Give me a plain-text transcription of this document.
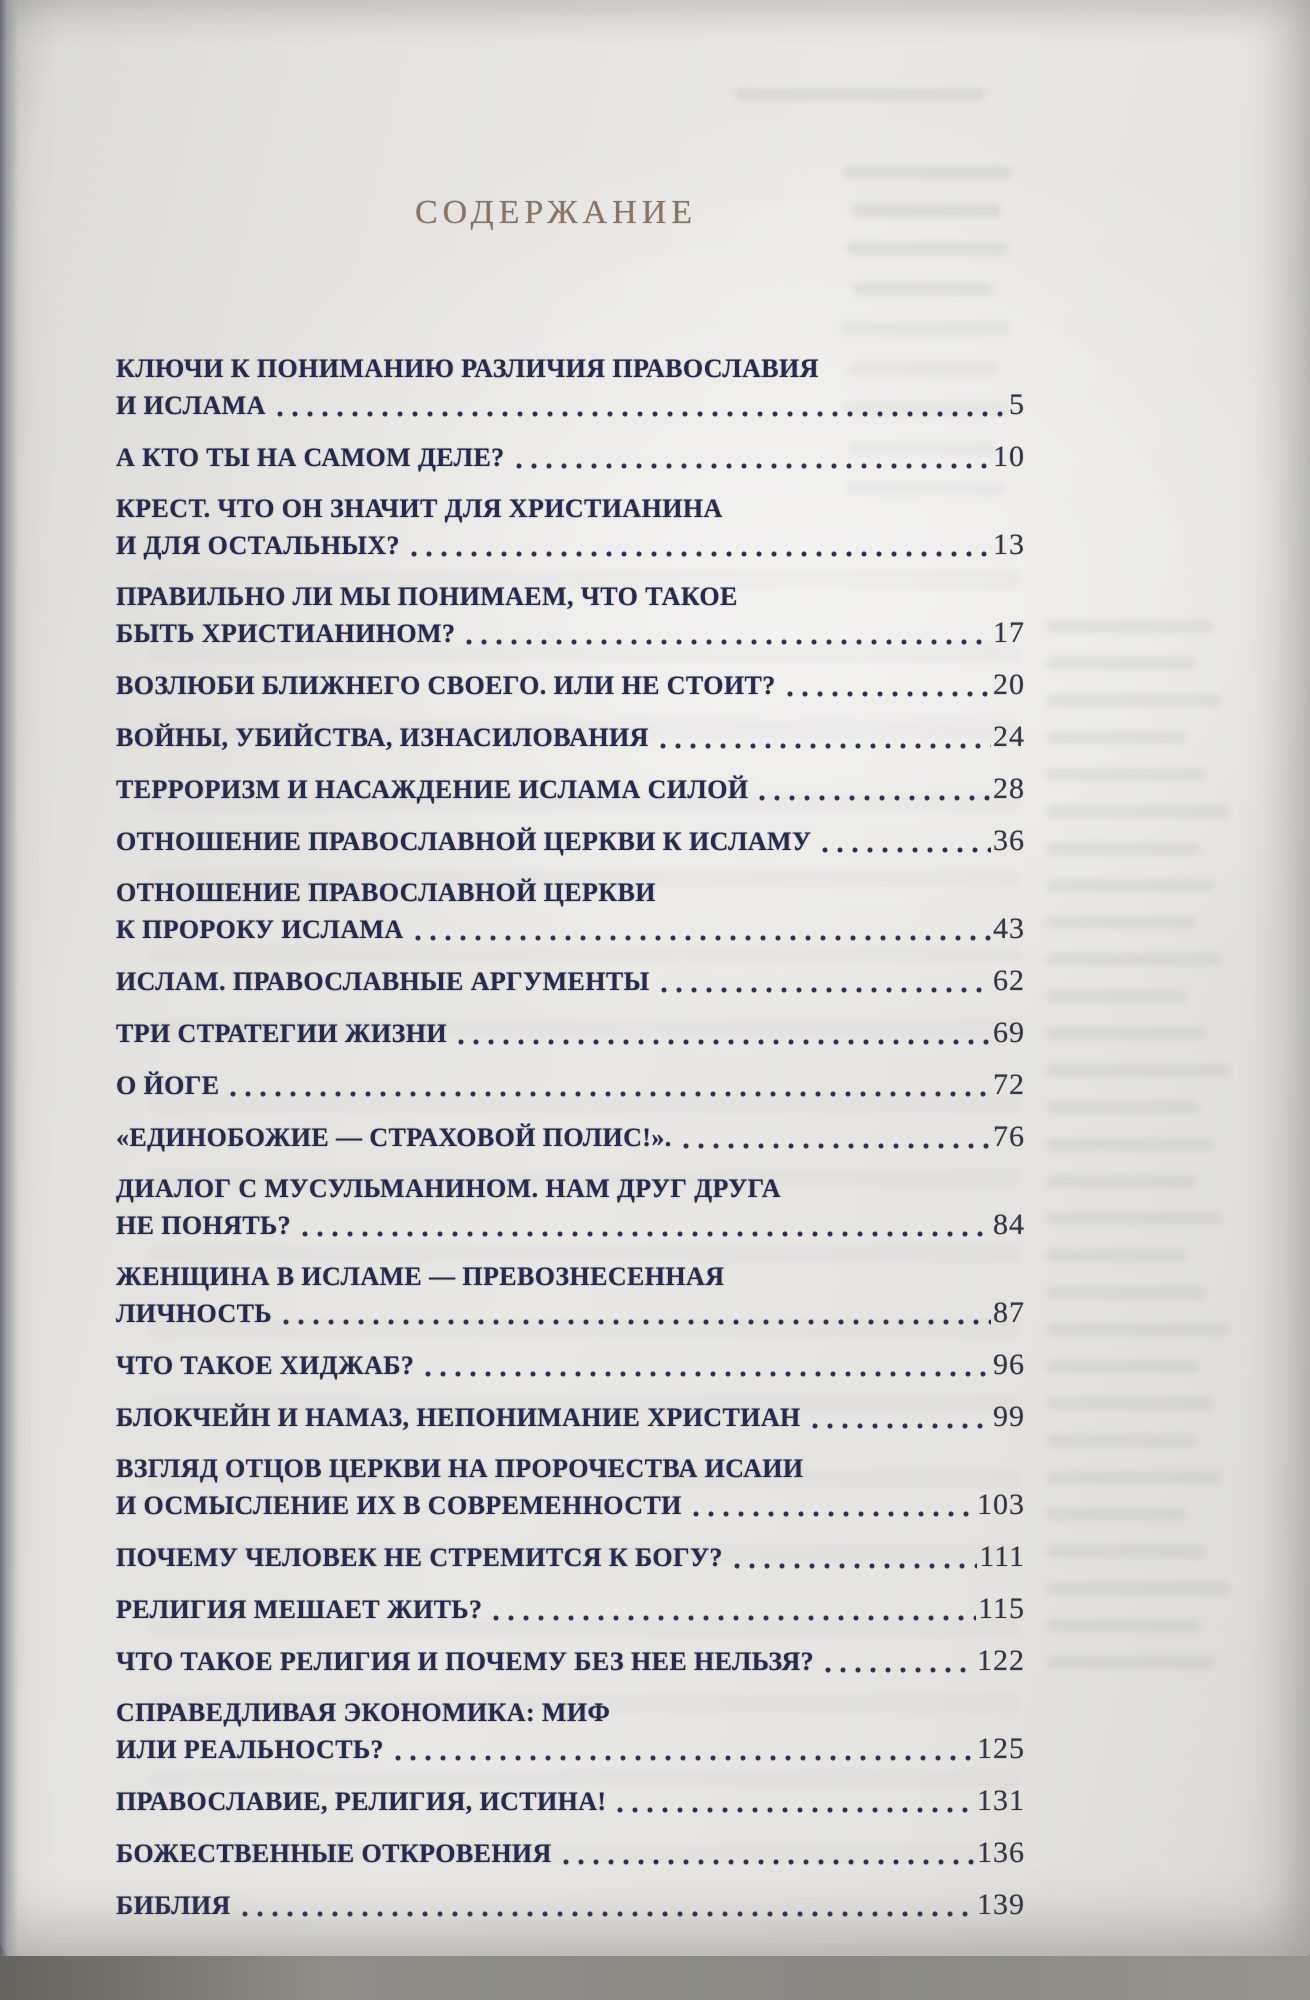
СОДЕРЖАНИЕ
КЛЮЧИ К ПОНИМАНИЮ РАЗЛИЧИЯ ПРАВОСЛАВИЯ
И ИСЛАМА	5
А КТО ТЫ НА САМОМ ДЕЛЕ?	10
КРЕСТ. ЧТО ОН ЗНАЧИТ ДЛЯ ХРИСТИАНИНА
И ДЛЯ ОСТАЛЬНЫХ?	13
ПРАВИЛЬНО ЛИ МЫ ПОНИМАЕМ, ЧТО ТАКОЕ
БЫТЬ ХРИСТИАНИНОМ?	17
ВОЗЛЮБИ БЛИЖНЕГО СВОЕГО. ИЛИ НЕ СТОИТ?	20
ВОЙНЫ, УБИЙСТВА, ИЗНАСИЛОВАНИЯ	24
ТЕРРОРИЗМ И НАСАЖДЕНИЕ ИСЛАМА СИЛОЙ	28
ОТНОШЕНИЕ ПРАВОСЛАВНОЙ ЦЕРКВИ К ИСЛАМУ	36
ОТНОШЕНИЕ ПРАВОСЛАВНОЙ ЦЕРКВИ
К ПРОРОКУ ИСЛАМА	43
ИСЛАМ. ПРАВОСЛАВНЫЕ АРГУМЕНТЫ	62
ТРИ СТРАТЕГИИ ЖИЗНИ	69
О ЙОГЕ	72
«ЕДИНОБОЖИЕ — СТРАХОВОЙ ПОЛИС!».	76
ДИАЛОГ С МУСУЛЬМАНИНОМ. НАМ ДРУГ ДРУГА
НЕ ПОНЯТЬ?	84
ЖЕНЩИНА В ИСЛАМЕ — ПРЕВОЗНЕСЕННАЯ
ЛИЧНОСТЬ	87
ЧТО ТАКОЕ ХИДЖАБ?	96
БЛОКЧЕЙН И НАМАЗ, НЕПОНИМАНИЕ ХРИСТИАН	99
ВЗГЛЯД ОТЦОВ ЦЕРКВИ НА ПРОРОЧЕСТВА ИСАИИ
И ОСМЫСЛЕНИЕ ИХ В СОВРЕМЕННОСТИ	103
ПОЧЕМУ ЧЕЛОВЕК НЕ СТРЕМИТСЯ К БОГУ?	111
РЕЛИГИЯ МЕШАЕТ ЖИТЬ?	115
ЧТО ТАКОЕ РЕЛИГИЯ И ПОЧЕМУ БЕЗ НЕЕ НЕЛЬЗЯ?	122
СПРАВЕДЛИВАЯ ЭКОНОМИКА: МИФ
ИЛИ РЕАЛЬНОСТЬ?	125
ПРАВОСЛАВИЕ, РЕЛИГИЯ, ИСТИНА!	131
БОЖЕСТВЕННЫЕ ОТКРОВЕНИЯ	136
БИБЛИЯ	139
